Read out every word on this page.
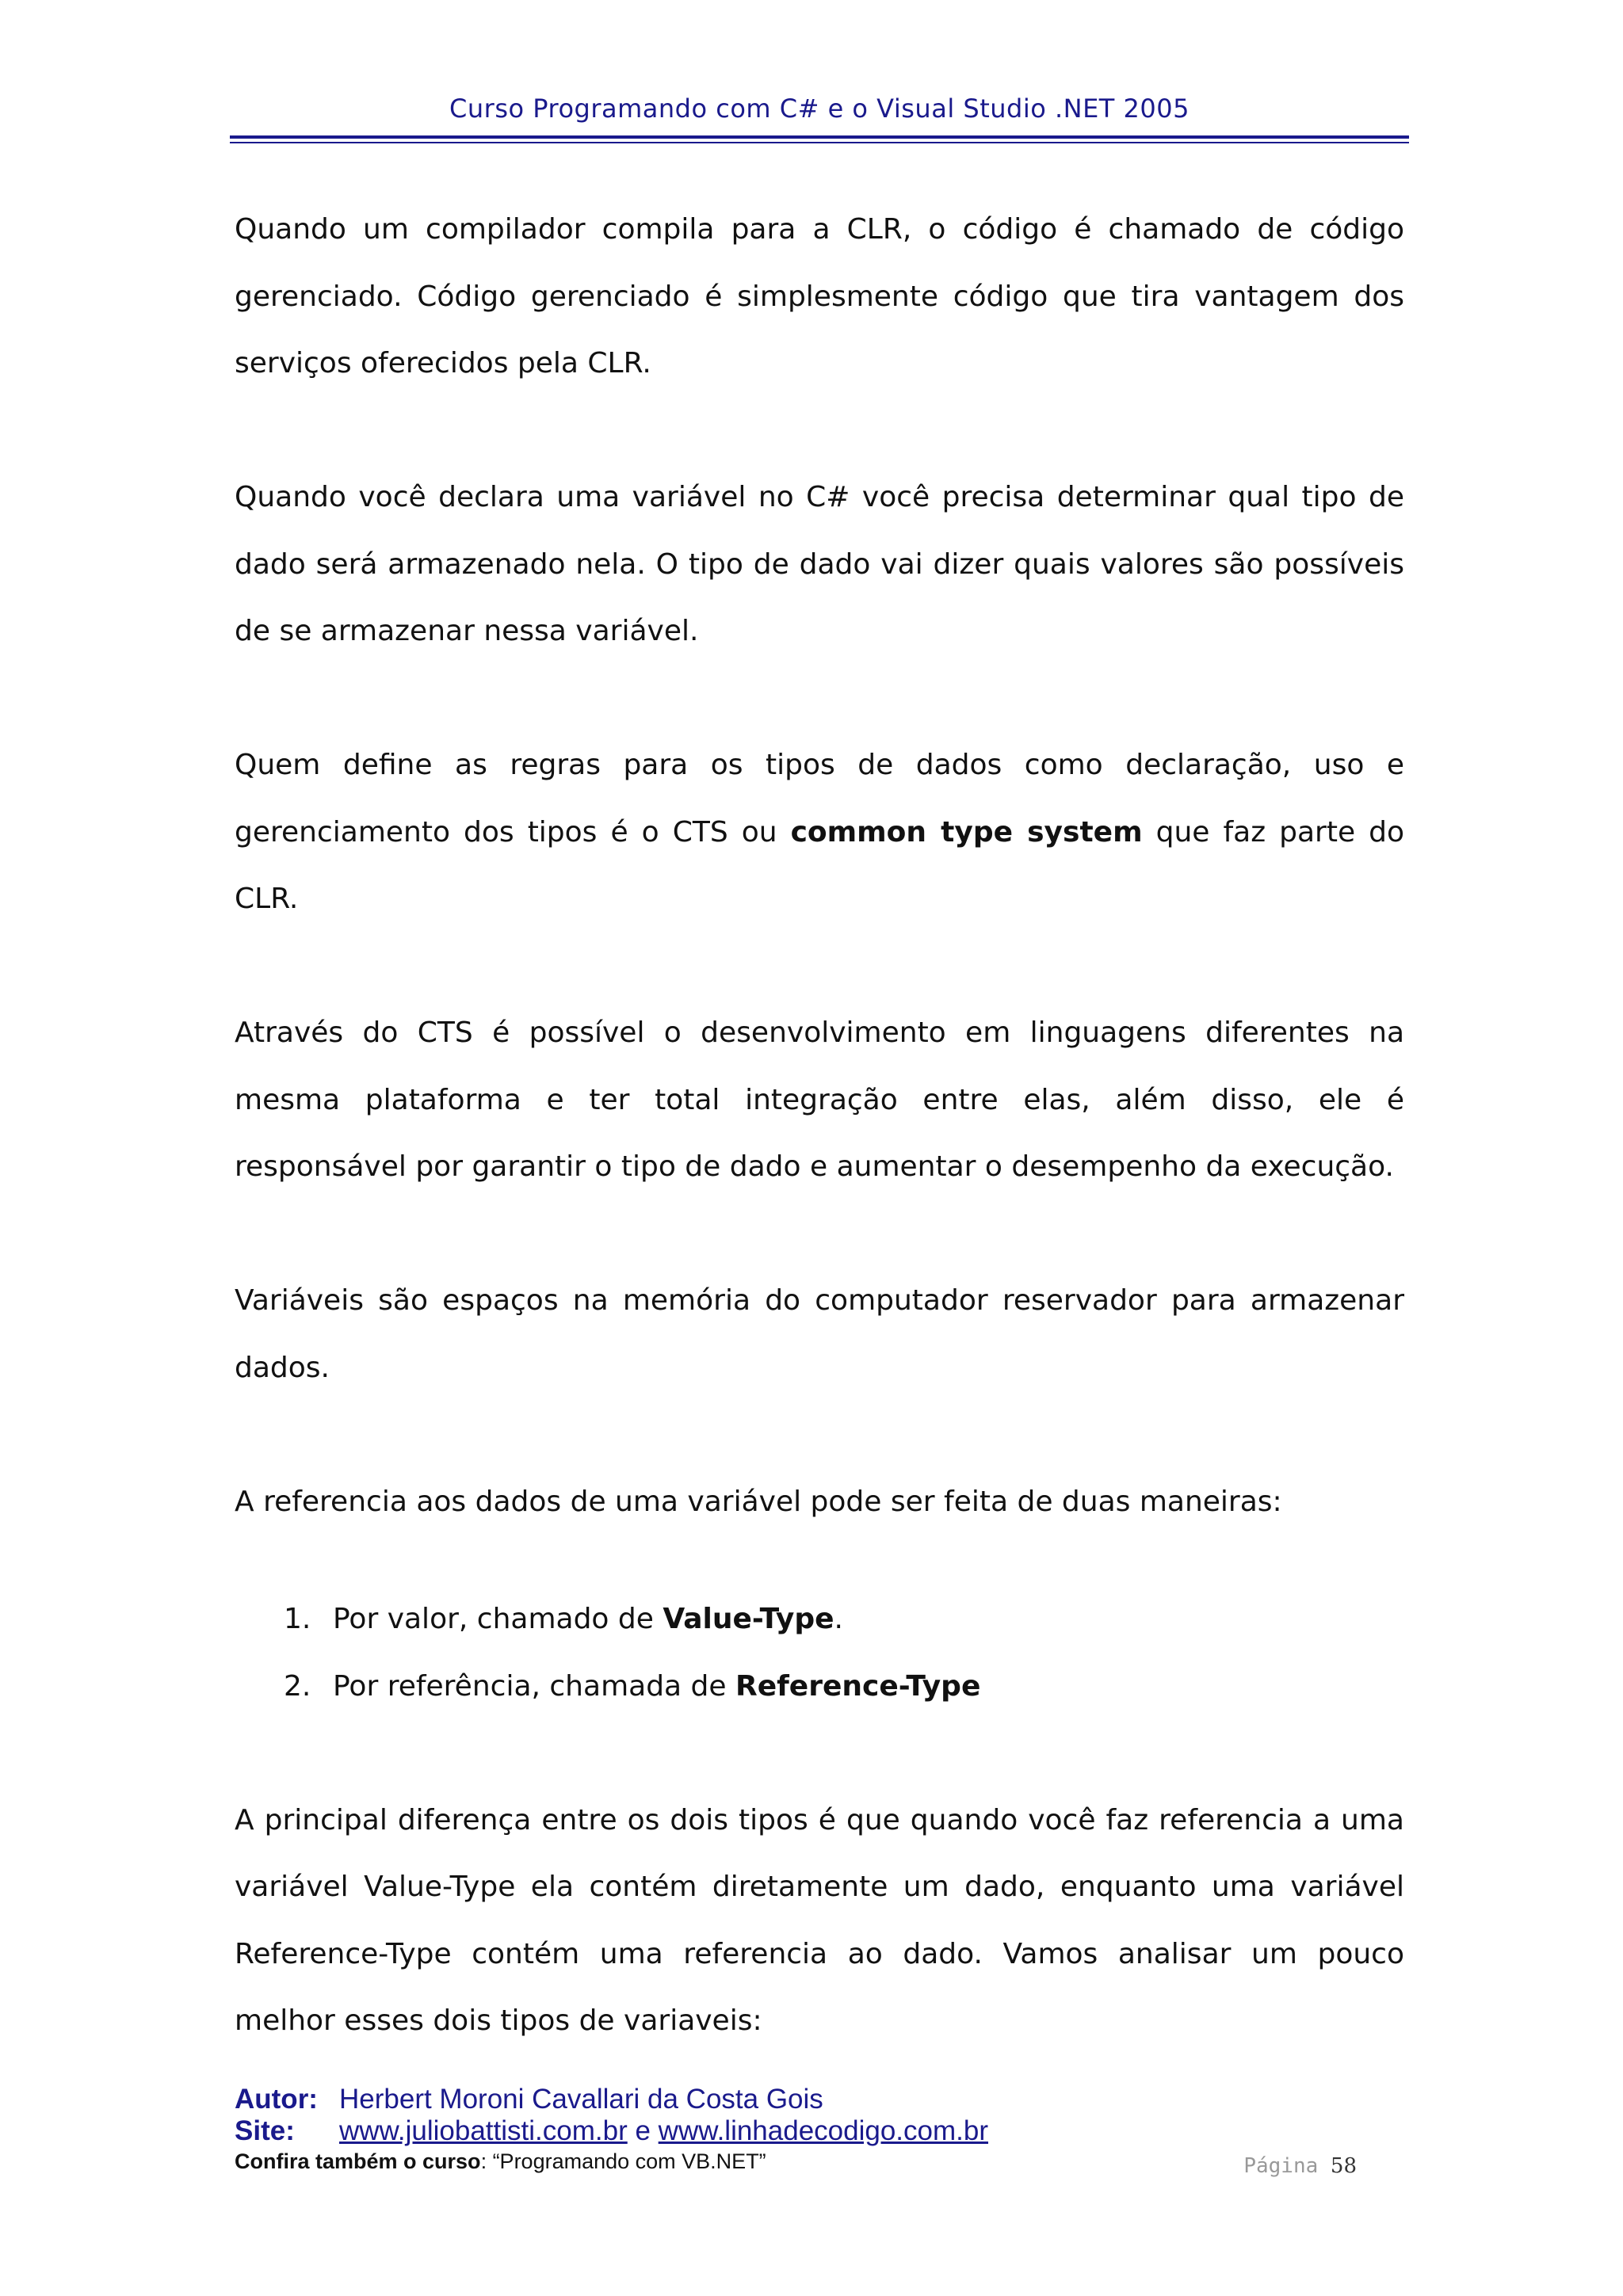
Curso Programando com C# e o Visual Studio .NET 2005

Quando um compilador compila para a CLR, o código é chamado de código gerenciado. Código gerenciado é simplesmente código que tira vantagem dos serviços oferecidos pela CLR.

Quando você declara uma variável no C# você precisa determinar qual tipo de dado será armazenado nela. O tipo de dado vai dizer quais valores são possíveis de se armazenar nessa variável.

Quem define as regras para os tipos de dados como declaração, uso e gerenciamento dos tipos é o CTS ou common type system que faz parte do CLR.

Através do CTS é possível o desenvolvimento em linguagens diferentes na mesma plataforma e ter total integração entre elas, além disso, ele é responsável por garantir o tipo de dado e aumentar o desempenho da execução.

Variáveis são espaços na memória do computador reservador para armazenar dados.

A referencia aos dados de uma variável pode ser feita de duas maneiras:

1. Por valor, chamado de Value-Type.
2. Por referência, chamada de Reference-Type

A principal diferença entre os dois tipos é que quando você faz referencia a uma variável Value-Type ela contém diretamente um dado, enquanto uma variável Reference-Type contém uma referencia ao dado. Vamos analisar um pouco melhor esses dois tipos de variaveis:

Autor: Herbert Moroni Cavallari da Costa Gois
Site: www.juliobattisti.com.br e www.linhadecodigo.com.br
Confira também o curso: “Programando com VB.NET”	Página 58
